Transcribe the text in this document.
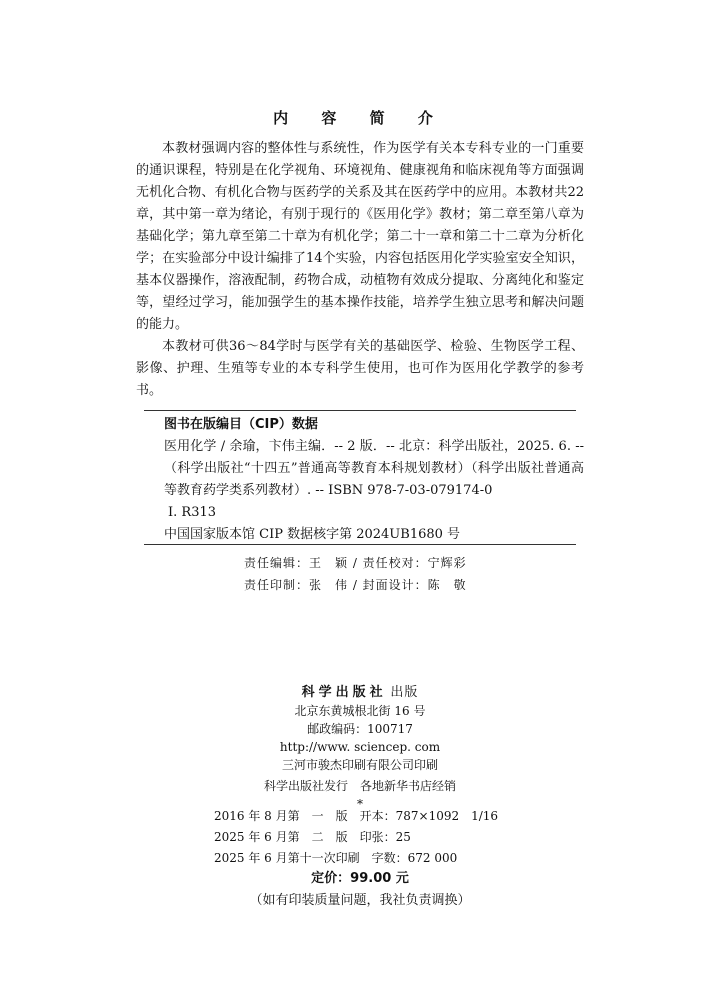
内 容 简 介

本教材强调内容的整体性与系统性，作为医学有关本专科专业的一门重要的通识课程，特别是在化学视角、环境视角、健康视角和临床视角等方面强调无机化合物、有机化合物与医药学的关系及其在医药学中的应用。本教材共22章，其中第一章为绪论，有别于现行的《医用化学》教材；第二章至第八章为基础化学；第九章至第二十章为有机化学；第二十一章和第二十二章为分析化学；在实验部分中设计编排了14个实验，内容包括医用化学实验室安全知识，基本仪器操作，溶液配制，药物合成，动植物有效成分提取、分离纯化和鉴定等，望经过学习，能加强学生的基本操作技能，培养学生独立思考和解决问题的能力。

本教材可供36～84学时与医学有关的基础医学、检验、生物医学工程、影像、护理、生殖等专业的本专科学生使用，也可作为医用化学教学的参考书。

图书在版编目（CIP）数据
医用化学 / 余瑜，卞伟主编．-- 2 版．-- 北京：科学出版社，2025. 6. --（科学出版社“十四五”普通高等教育本科规划教材）（科学出版社普通高等教育药学类系列教材）. -- ISBN 978-7-03-079174-0
Ⅰ. R313
中国国家版本馆 CIP 数据核字第 2024UB1680 号
责任编辑：王　颖 / 责任校对：宁辉彩
责任印制：张　伟 / 封面设计：陈　敬
科学出版社 出版
北京东黄城根北街 16 号
邮政编码：100717
http://www. sciencep. com
三河市骏杰印刷有限公司印刷
科学出版社发行　各地新华书店经销
*
2016 年 8 月第　一　版　开本：787×1092　1/16
2025 年 6 月第　二　版　印张：25
2025 年 6 月第十一次印刷　字数：672 000
定价：99.00 元
（如有印装质量问题，我社负责调换）
